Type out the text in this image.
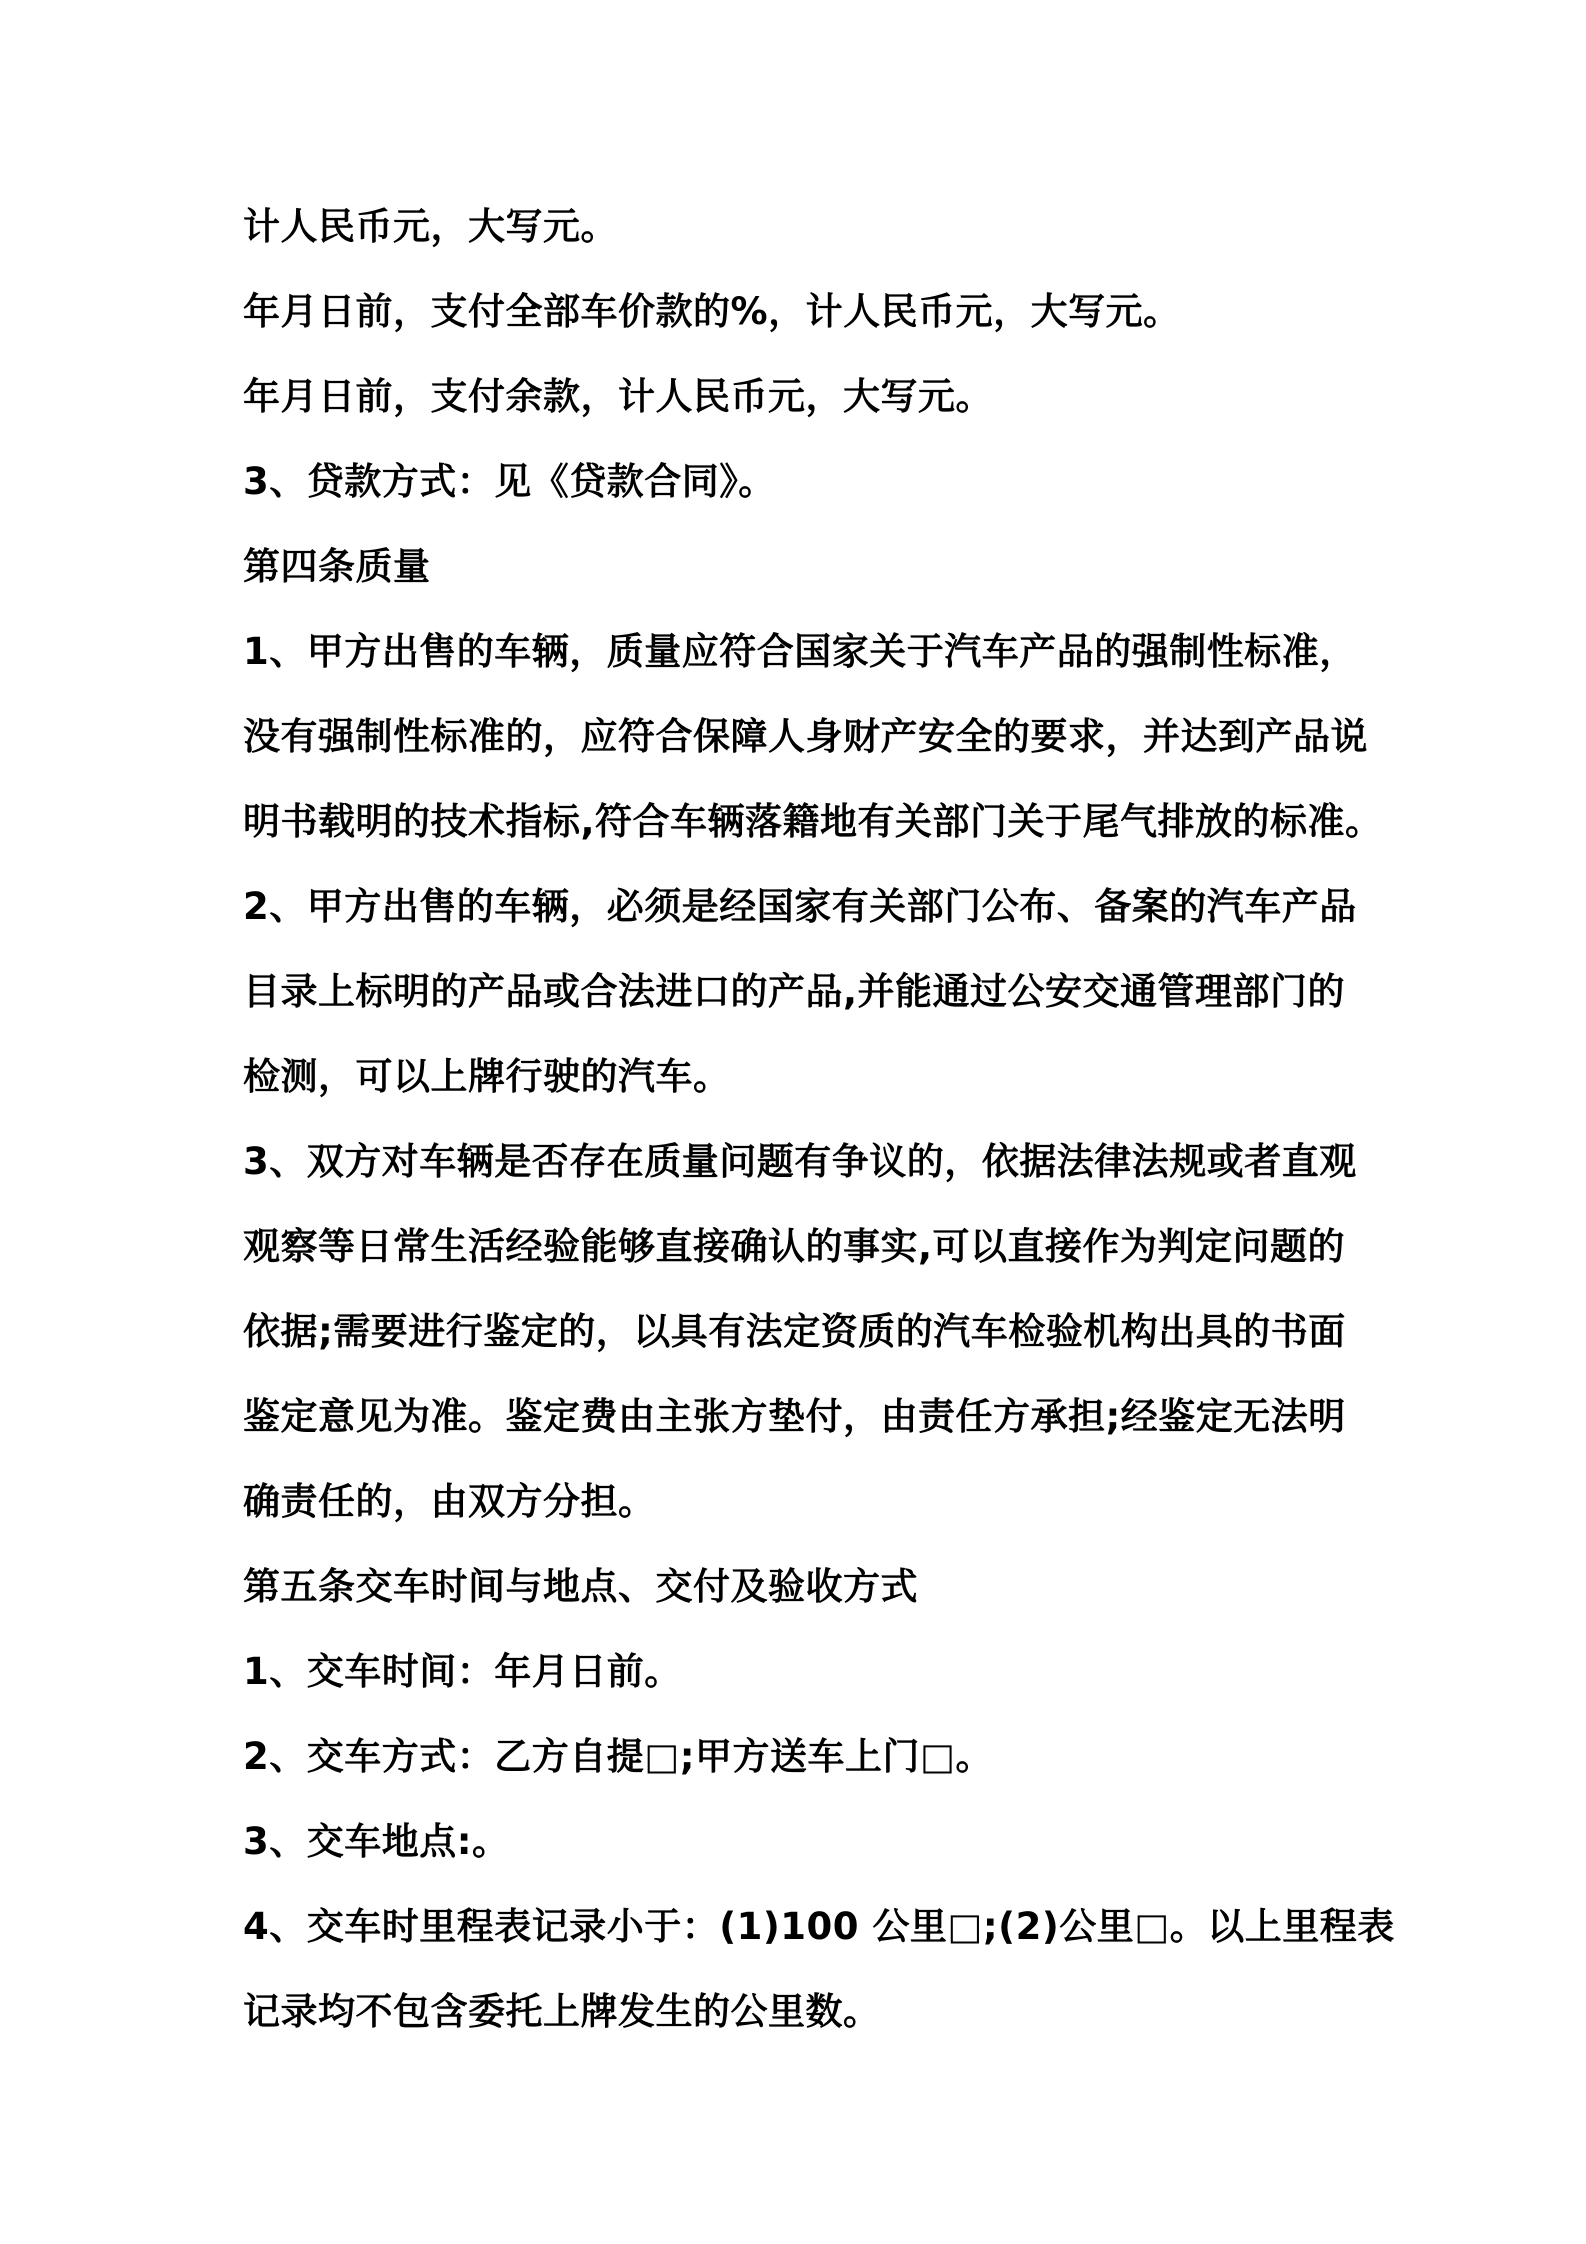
计人民币元，大写元。

年月日前，支付全部车价款的%，计人民币元，大写元。

年月日前，支付余款，计人民币元，大写元。

3、贷款方式：见《贷款合同》。

第四条质量

1、甲方出售的车辆，质量应符合国家关于汽车产品的强制性标准，

没有强制性标准的，应符合保障人身财产安全的要求，并达到产品说

明书载明的技术指标,符合车辆落籍地有关部门关于尾气排放的标准。

2、甲方出售的车辆，必须是经国家有关部门公布、备案的汽车产品

目录上标明的产品或合法进口的产品,并能通过公安交通管理部门的

检测，可以上牌行驶的汽车。

3、双方对车辆是否存在质量问题有争议的，依据法律法规或者直观

观察等日常生活经验能够直接确认的事实,可以直接作为判定问题的

依据;需要进行鉴定的，以具有法定资质的汽车检验机构出具的书面

鉴定意见为准。鉴定费由主张方垫付，由责任方承担;经鉴定无法明

确责任的，由双方分担。

第五条交车时间与地点、交付及验收方式

1、交车时间：年月日前。

2、交车方式：乙方自提□;甲方送车上门□。

3、交车地点:。

4、交车时里程表记录小于：(1)100 公里□;(2)公里□。以上里程表

记录均不包含委托上牌发生的公里数。
